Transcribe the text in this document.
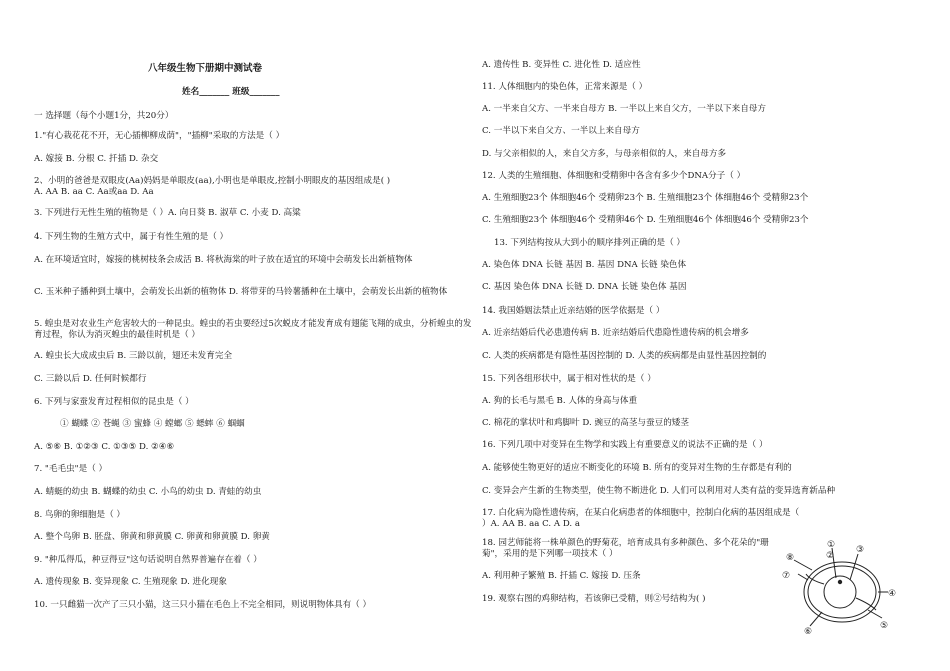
八年级生物下册期中测试卷
姓名_______ 班级_______
一 选择题（每个小题1分，共20分）
1."有心栽花花不开，无心插柳柳成荫"，"插柳"采取的方法是（ ）
A. 嫁接 B. 分根 C. 扦插 D. 杂交
2、小明的爸爸是双眼皮(Aa)妈妈是单眼皮(aa),小明也是单眼皮,控制小明眼皮的基因组成是( )
A. AA B. aa C. Aa或aa D. Aa
3. 下列进行无性生殖的植物是（ ）A. 向日葵 B. 淑草 C. 小麦 D. 高粱
4. 下列生物的生殖方式中，属于有性生殖的是（ ）
A. 在环境适宜时，嫁接的桃树枝条会成活 B. 将秋海棠的叶子放在适宜的环境中会萌发长出新植物体
C. 玉米种子播种到土壤中，会萌发长出新的植物体 D. 将带芽的马铃薯播种在土壤中，会萌发长出新的植物体
5. 蝗虫是对农业生产危害较大的一种昆虫。蝗虫的若虫要经过5次蜕皮才能发育成有翅能飞翔的成虫，分析蝗虫的发育过程，你认为消灭蝗虫的最佳时机是（ ）
A. 蝗虫长大成成虫后 B. 三龄以前，翅还未发育完全
C. 三龄以后 D. 任何时候都行
6. 下列与家蚕发育过程相似的昆虫是（ ）
① 蝴蝶 ② 苍蝇 ③ 蜜蜂 ④ 螳螂 ⑤ 蟋蟀 ⑥ 蝈蝈
A. ⑤⑥ B. ①②③ C. ①③⑤ D. ②④⑥
7. "毛毛虫"是（ ）
A. 蜻蜓的幼虫 B. 蝴蝶的幼虫 C. 小鸟的幼虫 D. 青蛙的幼虫
8. 鸟卵的卵细胞是（ ）
A. 整个鸟卵 B. 胚盘、卵黄和卵黄膜 C. 卵黄和卵黄膜 D. 卵黄
9. "种瓜得瓜，种豆得豆"这句话说明自然界普遍存在着（ ）
A. 遗传现象 B. 变异现象 C. 生殖现象 D. 进化现象
10. 一只雌猫一次产了三只小猫，这三只小猫在毛色上不完全相同，则说明物体具有（ ）
A. 遗传性 B. 变异性 C. 进化性 D. 适应性
11. 人体细胞内的染色体，正常来源是（ ）
A. 一半来自父方、一半来自母方 B. 一半以上来自父方，一半以下来自母方
C. 一半以下来自父方、一半以上来自母方
D. 与父亲相似的人，来自父方多，与母亲相似的人，来自母方多
12. 人类的生殖细胞、体细胞和受精卵中各含有多少个DNA分子（ ）
A. 生殖细胞23个 体细胞46个 受精卵23个 B. 生殖细胞23个 体细胞46个 受精卵23个
C. 生殖细胞23个 体细胞46个 受精卵46个 D. 生殖细胞46个 体细胞46个 受精卵23个
13. 下列结构按从大到小的顺序排列正确的是（ ）
A. 染色体 DNA 长链 基因 B. 基因 DNA 长链 染色体
C. 基因 染色体 DNA 长链 D. DNA 长链 染色体 基因
14. 我国婚姻法禁止近亲结婚的医学依据是（ ）
A. 近亲结婚后代必患遗传病 B. 近亲结婚后代患隐性遗传病的机会增多
C. 人类的疾病都是有隐性基因控制的 D. 人类的疾病都是由显性基因控制的
15. 下列各组形状中，属于相对性状的是（ ）
A. 狗的长毛与黑毛 B. 人体的身高与体重
C. 棉花的掌状叶和鸡脚叶 D. 豌豆的高茎与蚕豆的矮茎
16. 下列几项中对变异在生物学和实践上有重要意义的说法不正确的是（ ）
A. 能够使生物更好的适应不断变化的环境 B. 所有的变异对生物的生存都是有利的
C. 变异会产生新的生物类型，使生物不断进化 D. 人们可以利用对人类有益的变异选育新品种
17. 白化病为隐性遗传病，在某白化病患者的体细胞中，控制白化病的基因组成是（
）A. AA B. aa C. A D. a
18. 园艺师能将一株单颜色的野菊花，培育成具有多种颜色、多个花朵的"珊菊"，采用的是下列哪一项技术（ ）
A. 利用种子繁殖 B. 扦插 C. 嫁接 D. 压条
19. 观察右图的鸡卵结构，若该卵已受精，则②号结构为( )
①
②
③
④
⑤
⑥
⑦
⑧
